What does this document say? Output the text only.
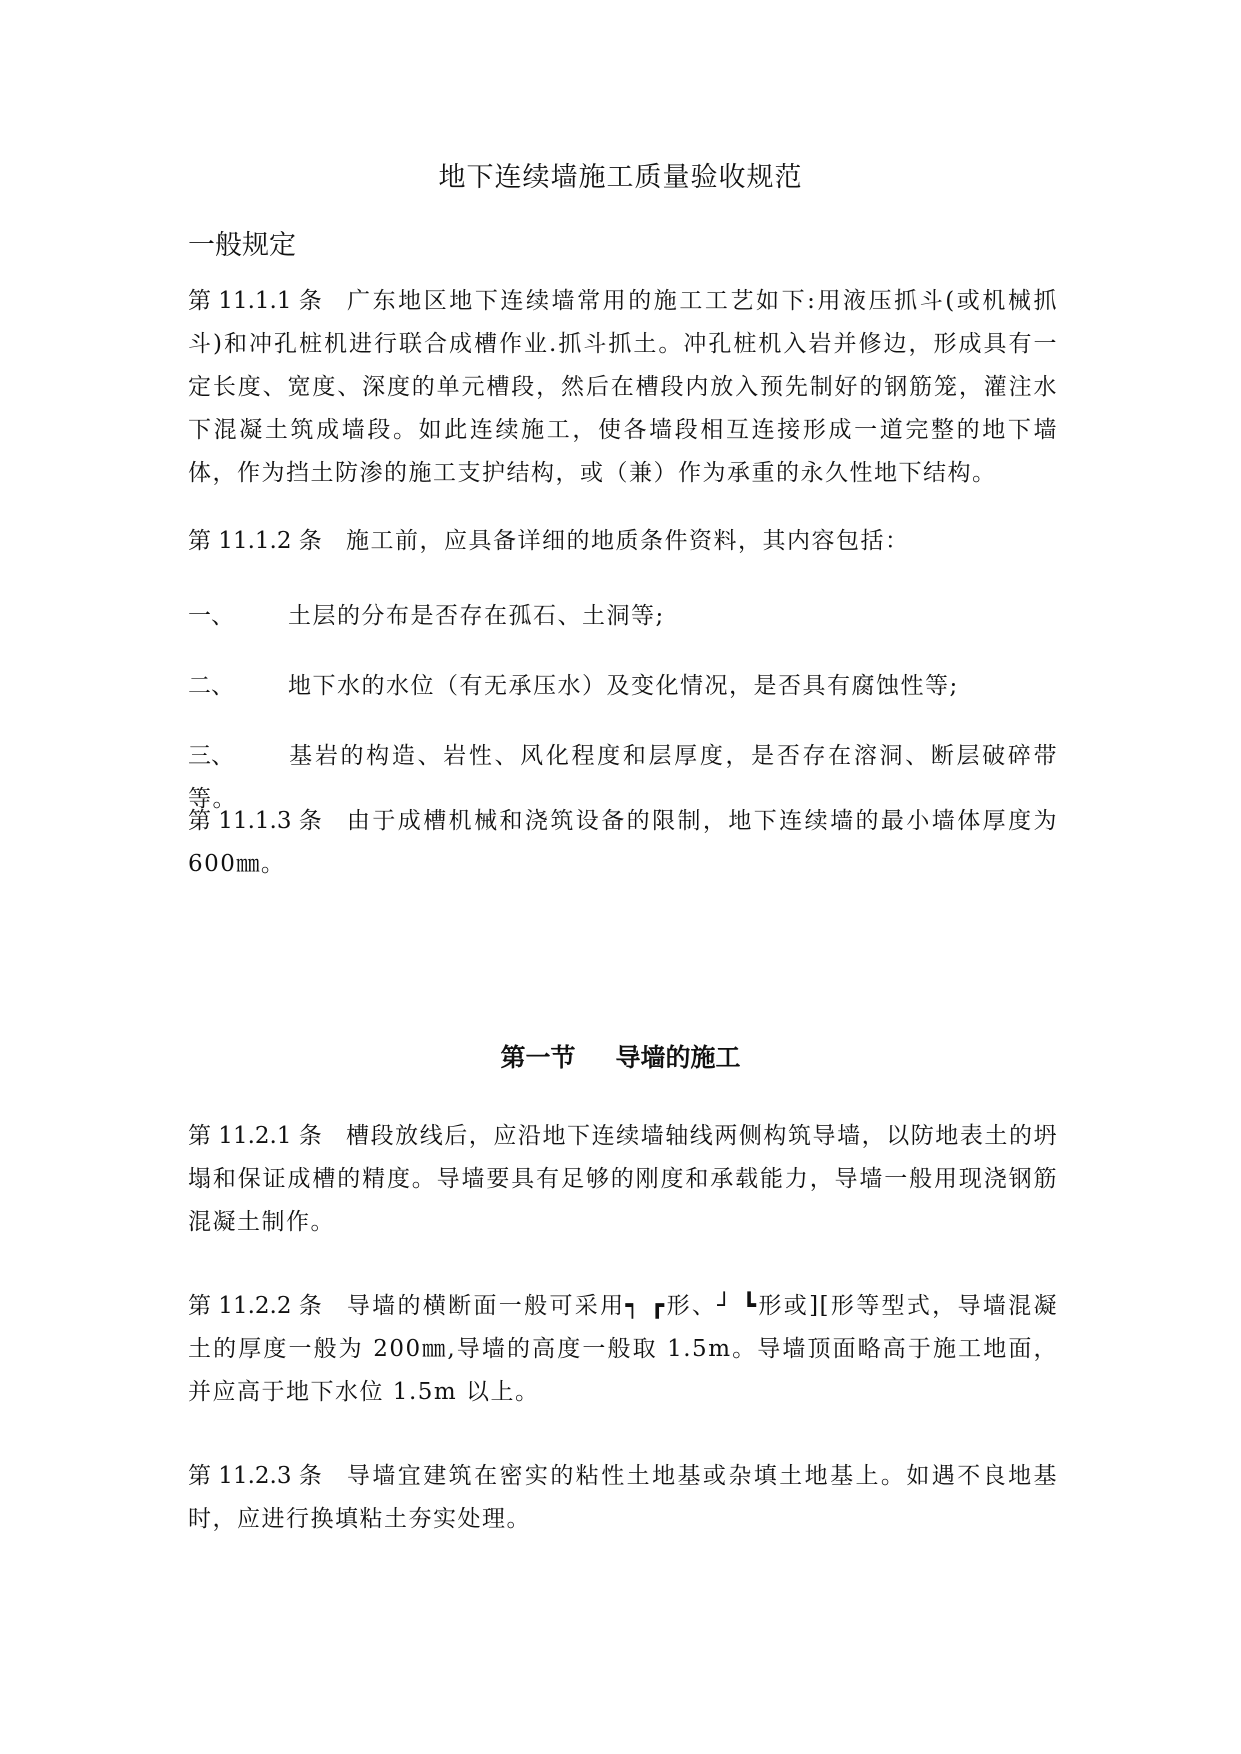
地下连续墙施工质量验收规范
一般规定
第 11.1.1 条 广东地区地下连续墙常用的施工工艺如下:用液压抓斗(或机械抓斗)和冲孔桩机进行联合成槽作业.抓斗抓土。冲孔桩机入岩并修边，形成具有一定长度、宽度、深度的单元槽段，然后在槽段内放入预先制好的钢筋笼，灌注水下混凝土筑成墙段。如此连续施工，使各墙段相互连接形成一道完整的地下墙体，作为挡土防渗的施工支护结构，或（兼）作为承重的永久性地下结构。
第 11.1.2 条 施工前，应具备详细的地质条件资料，其内容包括：
一、 土层的分布是否存在孤石、土洞等;
二、 地下水的水位（有无承压水）及变化情况，是否具有腐蚀性等;
三、 基岩的构造、岩性、风化程度和层厚度，是否存在溶洞、断层破碎带等。
第 11.1.3 条 由于成槽机械和浇筑设备的限制，地下连续墙的最小墙体厚度为 600㎜。
第一节 导墙的施工
第 11.2.1 条 槽段放线后，应沿地下连续墙轴线两侧构筑导墙，以防地表土的坍塌和保证成槽的精度。导墙要具有足够的刚度和承载能力，导墙一般用现浇钢筋混凝土制作。
第 11.2.2 条 导墙的横断面一般可采用┑ ┏形、┘ ┗形或][形等型式，导墙混凝土的厚度一般为 200㎜,导墙的高度一般取 1.5m。导墙顶面略高于施工地面，并应高于地下水位 1.5m 以上。
第 11.2.3 条 导墙宜建筑在密实的粘性土地基或杂填土地基上。如遇不良地基时，应进行换填粘土夯实处理。
